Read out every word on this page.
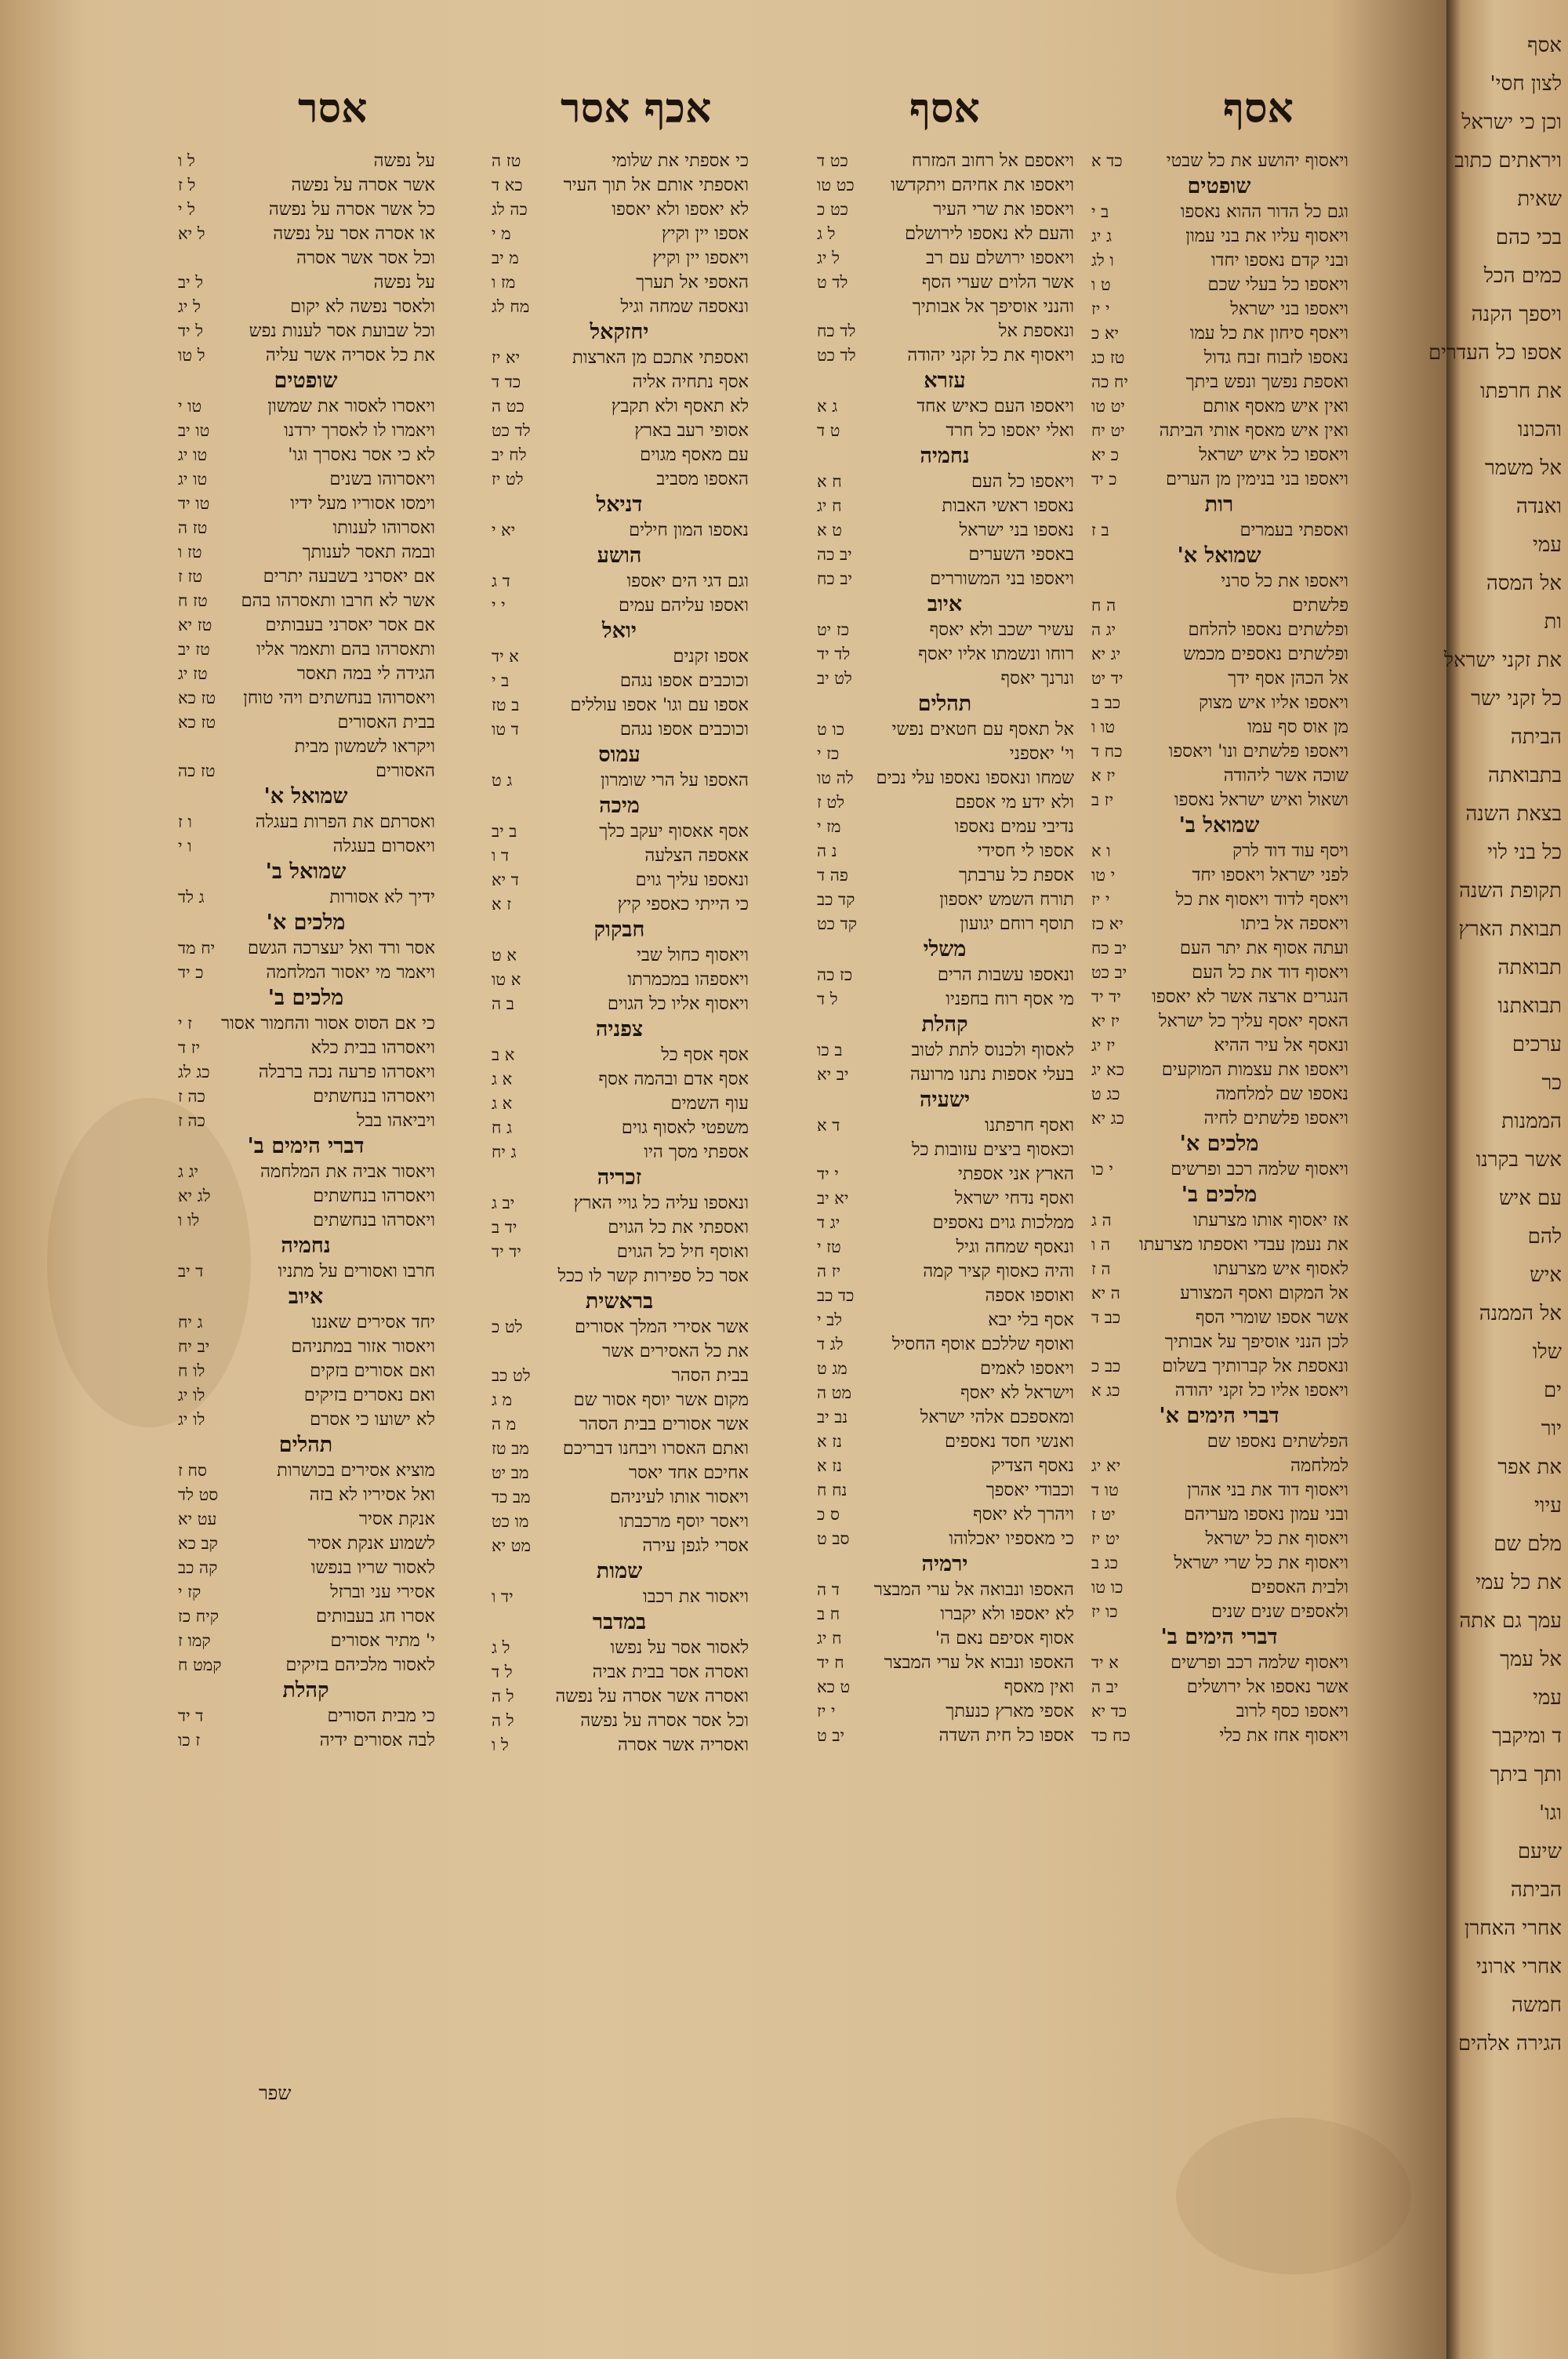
אסף
אסף
אכף אסר
אסר
ויאסוף יהושע את כל שבטי
כד א
שופטים
וגם כל הדור ההוא נאספו
ב י
ויאסוף עליו את בני עמון
ג יג
ובני קדם נאספו יחדו
ו לג
ויאספו כל בעלי שכם
ט ו
ויאספו בני ישראל
י יז
ויאסף סיחון את כל עמו
יא כ
נאספו לזבוח זבח גדול
טז כג
ואספת נפשך ונפש ביתך
יח כה
ואין איש מאסף אותם
יט טו
ואין איש מאסף אותי הביתה
יט יח
ויאספו כל איש ישראל
כ יא
ויאספו בני בנימין מן הערים
כ יד
רות
ואספתי בעמרים
ב ז
שמואל א'
ויאספו את כל סרני
פלשתים
ה ח
ופלשתים נאספו להלחם
יג ה
ופלשתים נאספים מכמש
יג יא
אל הכהן אסף ידך
יד יט
ויאספו אליו איש מצוק
כב ב
מן אוס סף עמו
טו ו
ויאספו פלשתים ונו' ויאספו
כח ד
שוכה אשר ליהודה
יז א
ושאול ואיש ישראל נאספו
יז ב
שמואל ב'
ויסף עוד דוד לרק
ו א
לפני ישראל ויאספו יחד
י טו
ויאסף לדוד ויאסוף את כל
י יז
ויאספה אל ביתו
יא כז
ועתה אסוף את יתר העם
יב כח
ויאסוף דוד את כל העם
יב כט
הנגרים ארצה אשר לא יאספו
יד יד
האסף יאסף עליך כל ישראל
יז יא
ונאסף אל עיר ההיא
יז יג
ויאספו את עצמות המוקעים
כא יג
נאספו שם למלחמה
כג ט
ויאספו פלשתים לחיה
כג יא
מלכים א'
ויאסוף שלמה רכב ופרשים
י כו
מלכים ב'
אז יאסוף אותו מצרעתו
ה ג
את נעמן עבדי ואספתו מצרעתו
ה ו
לאסוף איש מצרעתו
ה ז
אל המקום ואסף המצורע
ה יא
אשר אספו שומרי הסף
כב ד
לכן הנני אוסיפך על אבותיך
ונאספת אל קברותיך בשלום
כב כ
ויאספו אליו כל זקני יהודה
כג א
דברי הימים א'
הפלשתים נאספו שם
למלחמה
יא יג
ויאסוף דוד את בני אהרן
טו ד
ובני עמון נאספו מעריהם
יט ז
ויאסוף את כל ישראל
יט יז
ויאסוף את כל שרי ישראל
כג ב
ולבית האספים
כו טו
ולאספים שנים שנים
כו יז
דברי הימים ב'
ויאסוף שלמה רכב ופרשים
א יד
אשר נאספו אל ירושלים
יב ה
ויאספו כסף לרוב
כד יא
ויאסוף אחז את כלי
כח כד
ויאספם אל רחוב המזרח
כט ד
ויאספו את אחיהם ויתקדשו
כט טו
ויאספו את שרי העיר
כט כ
והעם לא נאספו לירושלם
ל ג
ויאספו ירושלם עם רב
ל יג
אשר הלוים שערי הסף
לד ט
והנני אוסיפך אל אבותיך
ונאספת אל
לד כח
ויאסוף את כל זקני יהודה
לד כט
עזרא
ויאספו העם כאיש אחד
ג א
ואלי יאספו כל חרד
ט ד
נחמיה
ויאספו כל העם
ח א
נאספו ראשי האבות
ח יג
נאספו בני ישראל
ט א
באספי השערים
יב כה
ויאספו בני המשוררים
יב כח
איוב
עשיר ישכב ולא יאסף
כז יט
רוחו ונשמתו אליו יאסף
לד יד
ונרנך יאסף
לט יב
תהלים
אל תאסף עם חטאים נפשי
כו ט
וי' יאספני
כז י
שמחו ונאספו נאספו עלי נכים
לה טו
ולא ידע מי אספם
לט ז
נדיבי עמים נאספו
מז י
אספו לי חסידי
נ ה
אספת כל ערבתך
פה ד
תורח השמש יאספון
קד כב
תוסף רוחם יגועון
קד כט
משלי
ונאספו עשבות הרים
כז כה
מי אסף רוח בחפניו
ל ד
קהלת
לאסוף ולכנוס לתת לטוב
ב כו
בעלי אספות נתנו מרועה
יב יא
ישעיה
ואסף חרפתנו
ד א
וכאסוף ביצים עזובות כל
הארץ אני אספתי
י יד
ואסף נדחי ישראל
יא יב
ממלכות גוים נאספים
יג ד
ונאסף שמחה וגיל
טז י
והיה כאסוף קציר קמה
יז ה
ואוספו אספה
כד כב
אסף בלי יבא
לב י
ואוסף שללכם אוסף החסיל
לג ד
ויאספו לאמים
מג ט
וישראל לא יאסף
מט ה
ומאספכם אלהי ישראל
נב יב
ואנשי חסד נאספים
נז א
נאסף הצדיק
נז א
וכבודי יאספך
נח ח
ויהרך לא יאסף
ס כ
כי מאספיו יאכלוהו
סב ט
ירמיה
האספו ונבואה אל ערי המבצר
ד ה
לא יאספו ולא יקברו
ח ב
אסוף אסיפם נאם ה'
ח יג
האספו ונבוא אל ערי המבצר
ח יד
ואין מאסף
ט כא
אספי מארץ כנעתך
י יז
אספו כל חית השדה
יב ט
כי אספתי את שלומי
טז ה
ואספתי אותם אל תוך העיר
כא ד
לא יאספו ולא יאספו
כה לג
אספו יין וקיץ
מ י
ויאספו יין וקיץ
מ יב
האספי אל תערך
מז ו
ונאספה שמחה וגיל
מח לג
יחזקאל
ואספתי אתכם מן הארצות
יא יז
אסף נתחיה אליה
כד ד
לא תאסף ולא תקבץ
כט ה
אסופי רעב בארץ
לד כט
עם מאסף מגוים
לח יב
האספו מסביב
לט יז
דניאל
נאספו המון חילים
יא י
הושע
וגם דגי הים יאספו
ד ג
ואספו עליהם עמים
י י
יואל
אספו זקנים
א יד
וכוכבים אספו נגהם
ב י
אספו עם וגו' אספו עוללים
ב טז
וכוכבים אספו נגהם
ד טו
עמוס
האספו על הרי שומרון
ג ט
מיכה
אסף אאסוף יעקב כלך
ב יב
אאספה הצלעה
ד ו
ונאספו עליך גוים
ד יא
כי הייתי כאספי קיץ
ז א
חבקוק
ויאסוף כחול שבי
א ט
ויאספהו במכמרתו
א טו
ויאסוף אליו כל הגוים
ב ה
צפניה
אסף אסף כל
א ב
אסף אדם ובהמה אסף
א ג
עוף השמים
א ג
משפטי לאסוף גוים
ג ח
אספתי מסך היו
ג יח
זכריה
ונאספו עליה כל גויי הארץ
יב ג
ואספתי את כל הגוים
יד ב
ואוסף חיל כל הגוים
יד יד
אסר כל ספירות קשר לו ככל
בראשית
אשר אסירי המלך אסורים
לט כ
את כל האסירים אשר
בבית הסהר
לט כב
מקום אשר יוסף אסור שם
מ ג
אשר אסורים בבית הסהר
מ ה
ואתם האסרו ויבחנו דבריכם
מב טז
אחיכם אחד יאסר
מב יט
ויאסור אותו לעיניהם
מב כד
ויאסר יוסף מרכבתו
מו כט
אסרי לגפן עירה
מט יא
שמות
ויאסור את רכבו
יד ו
במדבר
לאסור אסר על נפשו
ל ג
ואסרה אסר בבית אביה
ל ד
ואסרה אשר אסרה על נפשה
ל ה
וכל אסר אסרה על נפשה
ל ה
ואסריה אשר אסרה
ל ו
על נפשה
ל ו
אשר אסרה על נפשה
ל ז
כל אשר אסרה על נפשה
ל י
או אסרה אסר על נפשה
ל יא
וכל אסר אשר אסרה
על נפשה
ל יב
ולאסר נפשה לא יקום
ל יג
וכל שבועת אסר לענות נפש
ל יד
את כל אסריה אשר עליה
ל טו
שופטים
ויאסרו לאסור את שמשון
טו י
ויאמרו לו לאסרך ירדנו
טו יב
לא כי אסר נאסרך וגו'
טו יג
ויאסרוהו בשנים
טו יג
וימסו אסוריו מעל ידיו
טו יד
ואסרוהו לענותו
טז ה
ובמה תאסר לענותך
טז ו
אם יאסרני בשבעה יתרים
טז ז
אשר לא חרבו ותאסרהו בהם
טז ח
אם אסר יאסרני בעבותים
טז יא
ותאסרהו בהם ותאמר אליו
טז יב
הגידה לי במה תאסר
טז יג
ויאסרוהו בנחשתים ויהי טוחן
טז כא
בבית האסורים
טז כא
ויקראו לשמשון מבית
האסורים
טז כה
שמואל א'
ואסרתם את הפרות בעגלה
ו ז
ויאסרום בעגלה
ו י
שמואל ב'
ידיך לא אסורות
ג לד
מלכים א'
אסר ורד ואל יעצרכה הגשם
יח מד
ויאמר מי יאסור המלחמה
כ יד
מלכים ב'
כי אם הסוס אסור והחמור אסור
ז י
ויאסרהו בבית כלא
יז ד
ויאסרהו פרעה נכה ברבלה
כג לג
ויאסרהו בנחשתים
כה ז
ויביאהו בבל
כה ז
דברי הימים ב'
ויאסור אביה את המלחמה
יג ג
ויאסרהו בנחשתים
לג יא
ויאסרהו בנחשתים
לו ו
נחמיה
חרבו ואסורים על מתניו
ד יב
איוב
יחד אסירים שאננו
ג יח
ויאסור אזור במתניהם
יב יח
ואם אסורים בזקים
לו ח
ואם נאסרים בזיקים
לו יג
לא ישועו כי אסרם
לו יג
תהלים
מוציא אסירים בכושרות
סח ז
ואל אסיריו לא בזה
סט לד
אנקת אסיר
עט יא
לשמוע אנקת אסיר
קב כא
לאסור שריו בנפשו
קה כב
אסירי עני וברזל
קז י
אסרו חג בעבותים
קיח כז
י' מתיר אסורים
קמו ז
לאסור מלכיהם בזיקים
קמט ח
קהלת
כי מבית הסורים
ד יד
לבה אסורים ידיה
ז כו
שפר
אסף
לצון חסי'
וכן כי ישראל
ויראתים כתוב
שאית
בכי כהם
כמים הכל
ויספך הקנה
אספו כל העדרים
את חרפתו
והכונו
אל משמר
ואנדה
עמי
אל המסה
ות
את זקני ישראל
כל זקני ישר
הביתה
בתבואתה
בצאת השנה
כל בני לוי
תקופת השנה
תבואת הארץ
תבואתה
תבואתנו
ערכים
כר
הממנות
אשר בקרנו
עם איש
להם
איש
אל הממנה
שלו
ים
יור
את אפר
עיוי
מלם שם
את כל עמי
עמך גם אתה
אל עמך
עמי
ד ומיקבך
ותך ביתך
וגו'
שיעם
הביתה
אחרי האחרן
אחרי ארוני
חמשה
הגירה אלהים
